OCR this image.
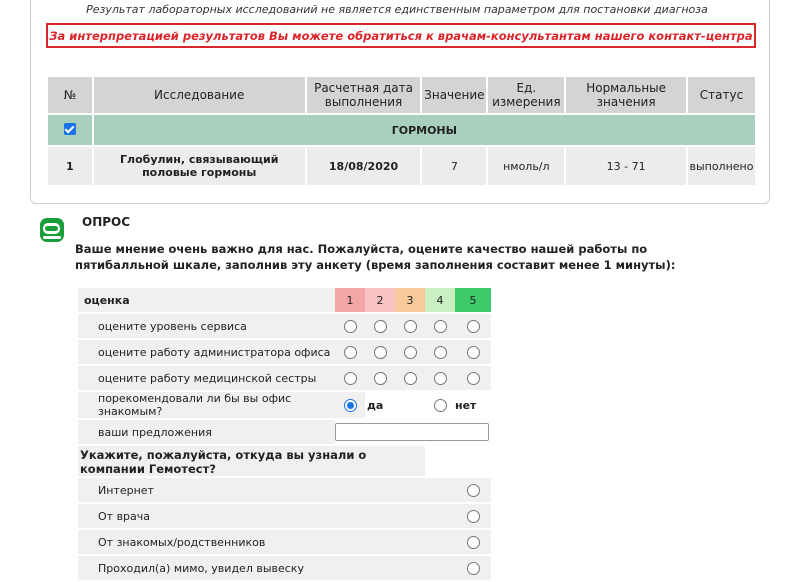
Результат лабораторных исследований не является единственным параметром для постановки диагноза
За интерпретацией результатов Вы можете обратиться к врачам-консультантам нашего контакт-центра
№	Исследование	Расчетная дата выполнения	Значение	Ед. измерения	Нормальные значения	Статус
	ГОРМОНЫ					
1	Глобулин, связывающий половые гормоны	18/08/2020	7	нмоль/л	13 - 71	выполнено
ОПРОС
Ваше мнение очень важно для нас. Пожалуйста, оцените качество нашей работы по пятибалльной шкале, заполнив эту анкету (время заполнения составит менее 1 минуты):
оценка	1	2	3	4	5
оцените уровень сервиса					
оцените работу администратора офиса					
оцените работу медицинской сестры					
порекомендовали ли бы вы офис знакомым?		да			нет
ваши предложения					

Укажите, пожалуйста, откуда вы узнали о компании Гемотест?					
Интернет					
От врача					
От знакомых/родственников					
Проходил(а) мимо, увидел вывеску					
